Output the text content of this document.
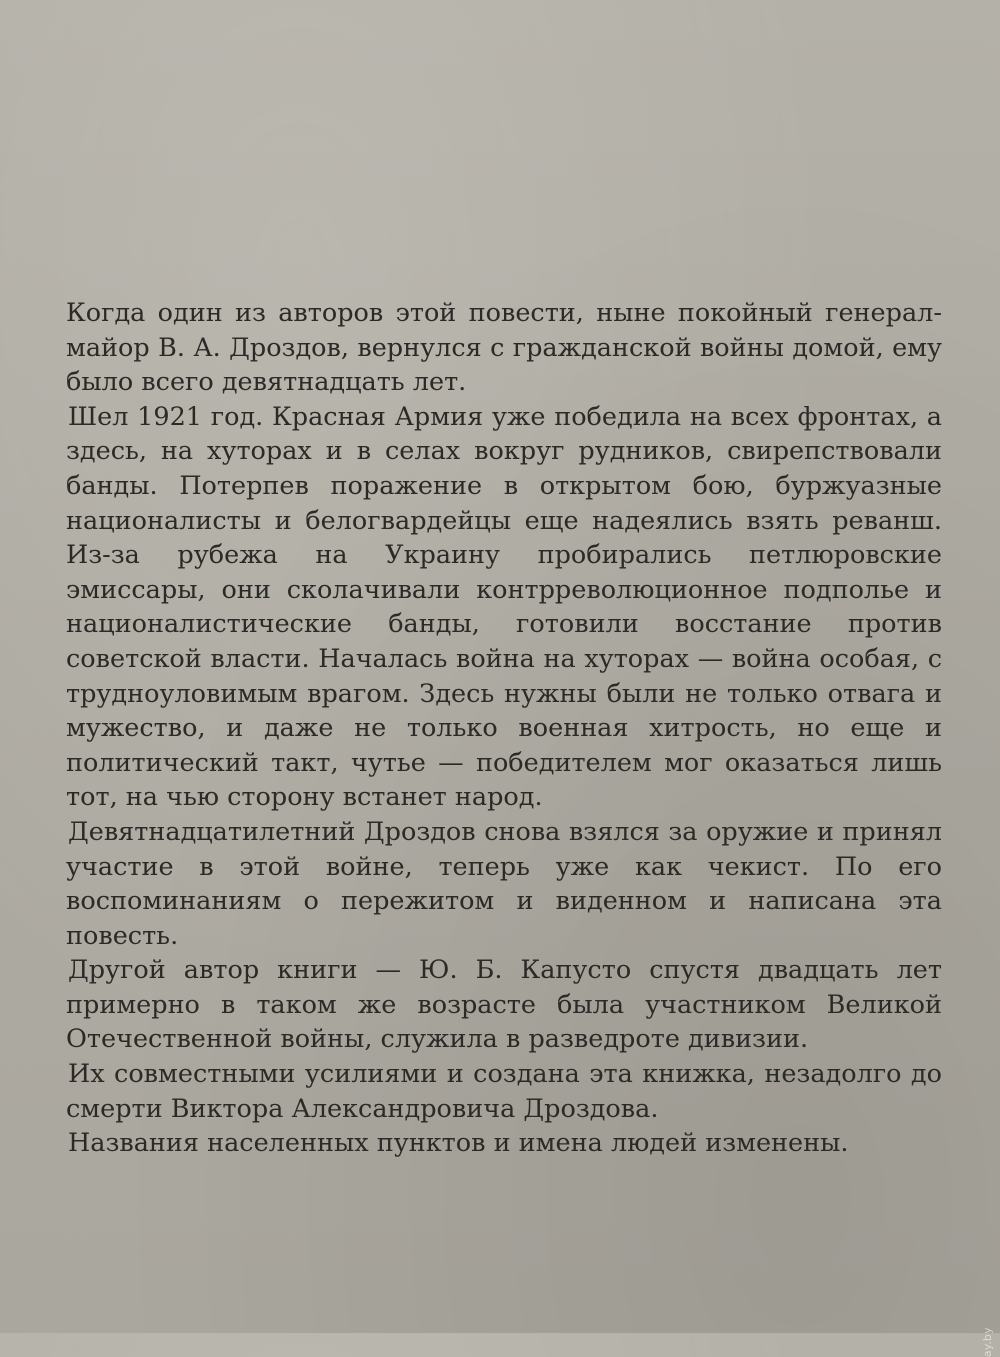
Когда один из авторов этой повести, ныне покойный генерал-майор В. А. Дроздов, вернулся с гражданской войны домой, ему было всего девятнадцать лет.

Шел 1921 год. Красная Армия уже победила на всех фронтах, а здесь, на хуторах и в селах вокруг рудников, свирепствовали банды. Потерпев поражение в открытом бою, буржуазные националисты и белогвардейцы еще надеялись взять реванш. Из-за рубежа на Украину пробирались петлюровские эмиссары, они сколачивали контрреволюционное подполье и националистические банды, готовили восстание против советской власти. Началась война на хуторах — война особая, с трудноуловимым врагом. Здесь нужны были не только отвага и мужество, и даже не только военная хитрость, но еще и политический такт, чутье — победителем мог оказаться лишь тот, на чью сторону встанет народ.

Девятнадцатилетний Дроздов снова взялся за оружие и принял участие в этой войне, теперь уже как чекист. По его воспоминаниям о пережитом и виденном и написана эта повесть.

Другой автор книги — Ю. Б. Капусто спустя двадцать лет примерно в таком же возрасте была участником Великой Отечественной войны, служила в разведроте дивизии.

Их совместными усилиями и создана эта книжка, незадолго до смерти Виктора Александровича Дроздова.

Названия населенных пунктов и имена людей изменены.

ay.by
